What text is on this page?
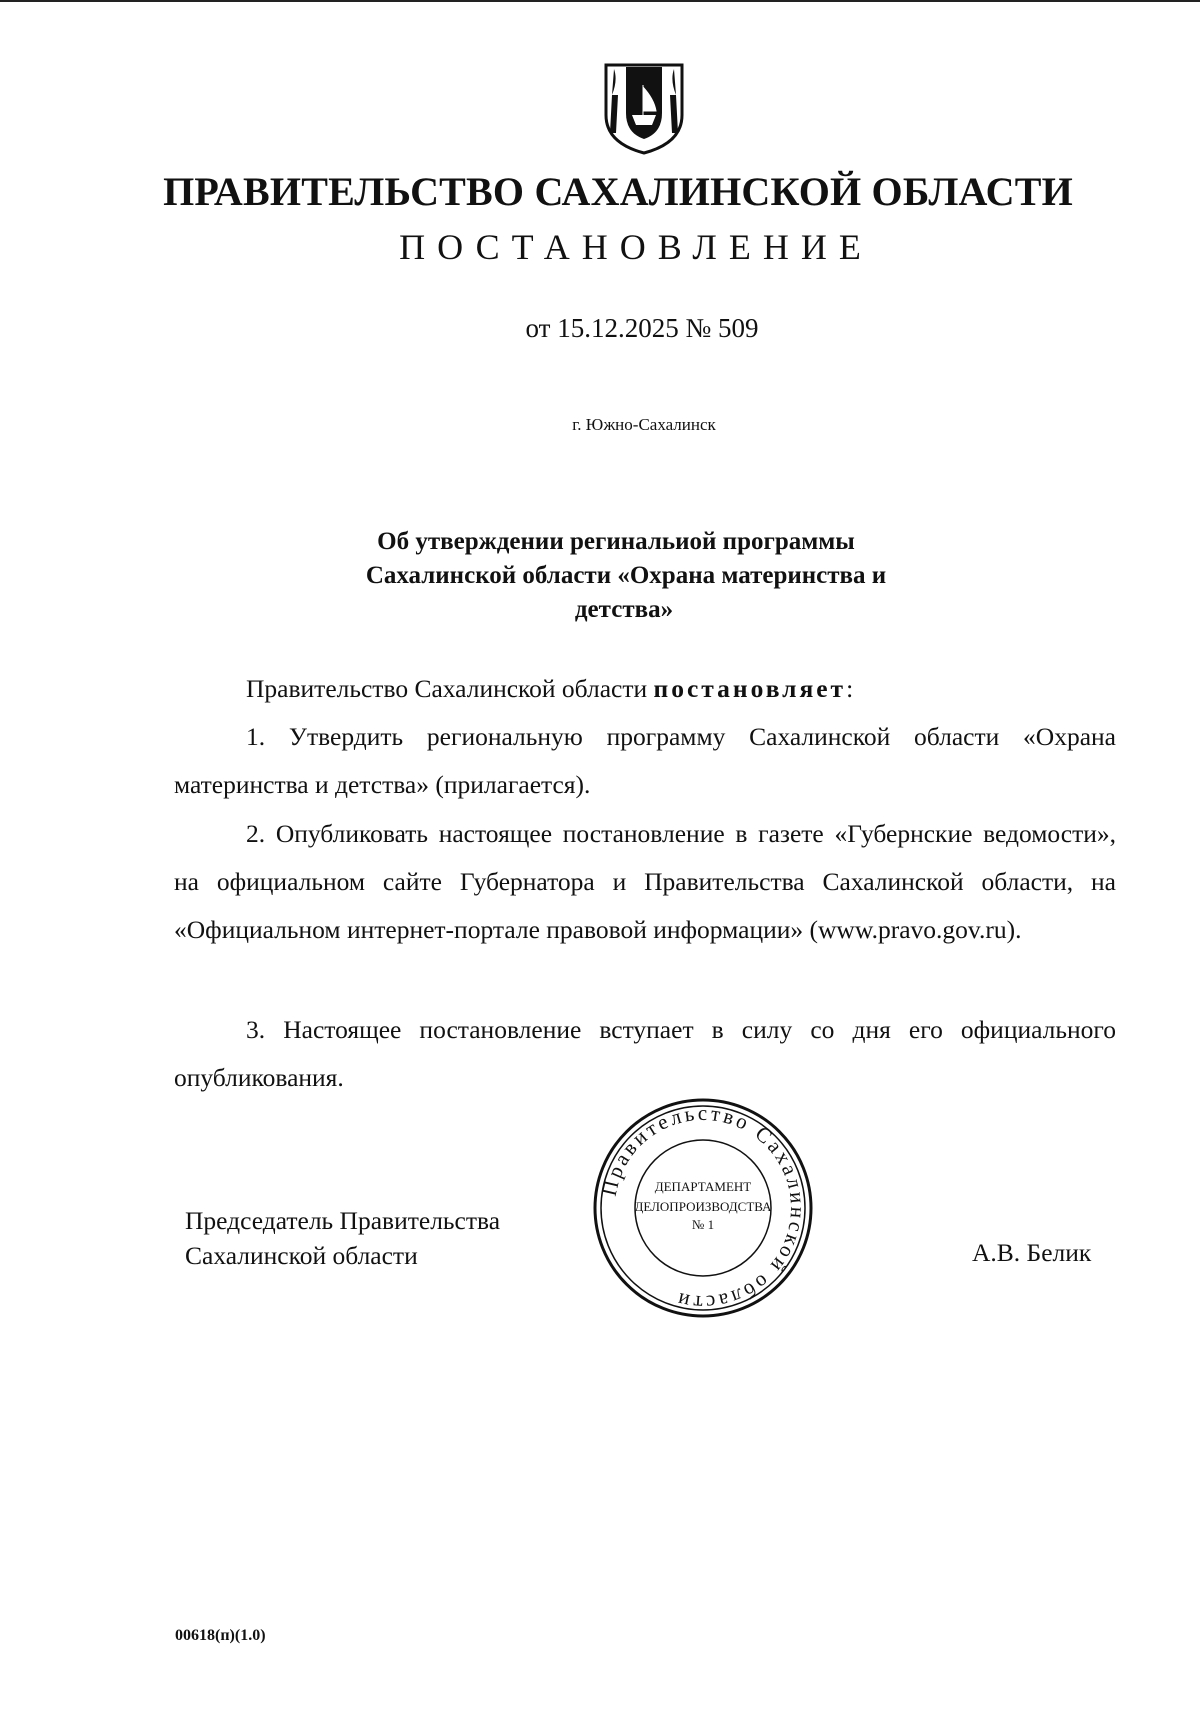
ПРАВИТЕЛЬСТВО САХАЛИНСКОЙ ОБЛАСТИ
ПОСТАНОВЛЕНИЕ
от 15.12.2025 № 509
г. Южно-Сахалинск
Об утверждении регинальиой программы
Сахалинской области «Охрана материнства и
детства»

Правительство Сахалинской области постановляет:

1. Утвердить региональную программу Сахалинской области «Охрана материнства и детства» (прилагается).

2. Опубликовать настоящее постановление в газете «Губернские ведомости», на официальном сайте Губернатора и Правительства Сахалинской области, на «Официальном интернет-портале правовой информации» (www.pravo.gov.ru).

3. Настоящее постановление вступает в силу со дня его официального опубликования.

Председатель Правительства
Сахалинской области
Правительство Сахалинской области
ДЕПАРТАМЕНТ
ДЕЛОПРОИЗВОДСТВА
№ 1
А.В. Белик
00618(п)(1.0)
